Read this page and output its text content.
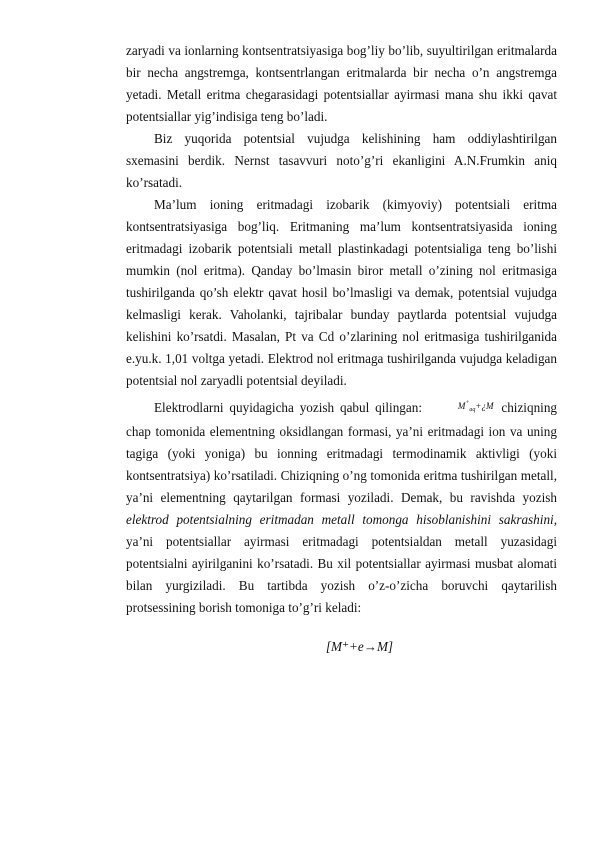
zaryadi va ionlarning kontsentratsiyasiga bog’liy bo’lib, suyultirilgan eritmalarda bir necha angstremga, kontsentrlangan eritmalarda bir necha o’n angstremga yetadi. Metall eritma chegarasidagi potentsiallar ayirmasi mana shu ikki qavat potentsiallar yig’indisiga teng bo’ladi.

Biz yuqorida potentsial vujudga kelishining ham oddiylashtirilgan sxemasini berdik. Nernst tasavvuri noto’g’ri ekanligini A.N.Frumkin aniq ko’rsatadi.

Ma’lum ioning eritmadagi izobarik (kimyoviy) potentsiali eritma kontsentratsiyasiga bog’liq. Eritmaning ma’lum kontsentratsiyasida ioning eritmadagi izobarik potentsiali metall plastinkadagi potentsialiga teng bo’lishi mumkin (nol eritma). Qanday bo’lmasin biror metall o’zining nol eritmasiga tushirilganda qo’sh elektr qavat hosil bo’lmasligi va demak, potentsial vujudga kelmasligi kerak. Vaholanki, tajribalar bunday paytlarda potentsial vujudga kelishini ko’rsatdi. Masalan, Pt va Cd o’zlarining nol eritmasiga tushirilganida e.yu.k. 1,01 voltga yetadi. Elektrod nol eritmaga tushirilganda vujudga keladigan potentsial nol zaryadli potentsial deyiladi.

Elektrodlarni quyidagicha yozish qabul qilingan:	$M^+_{aq}+¿M$ chiziqning chap tomonida elementning oksidlangan formasi, ya’ni eritmadagi ion va uning tagiga (yoki yoniga) bu ionning eritmadagi termodinamik aktivligi (yoki kontsentratsiya) ko’rsatiladi. Chiziqning o’ng tomonida eritma tushirilgan metall, ya’ni elementning qaytarilgan formasi yoziladi. Demak, bu ravishda yozish elektrod potentsialning eritmadan metall tomonga hisoblanishini sakrashini, ya’ni potentsiallar ayirmasi eritmadagi potentsialdan metall yuzasidagi potentsialni ayirilganini ko’rsatadi. Bu xil potentsiallar ayirmasi musbat alomati bilan yurgiziladi. Bu tartibda yozish o’z-o’zicha boruvchi qaytarilish protsessining borish tomoniga to’g’ri keladi:

[M⁺+e→M]
